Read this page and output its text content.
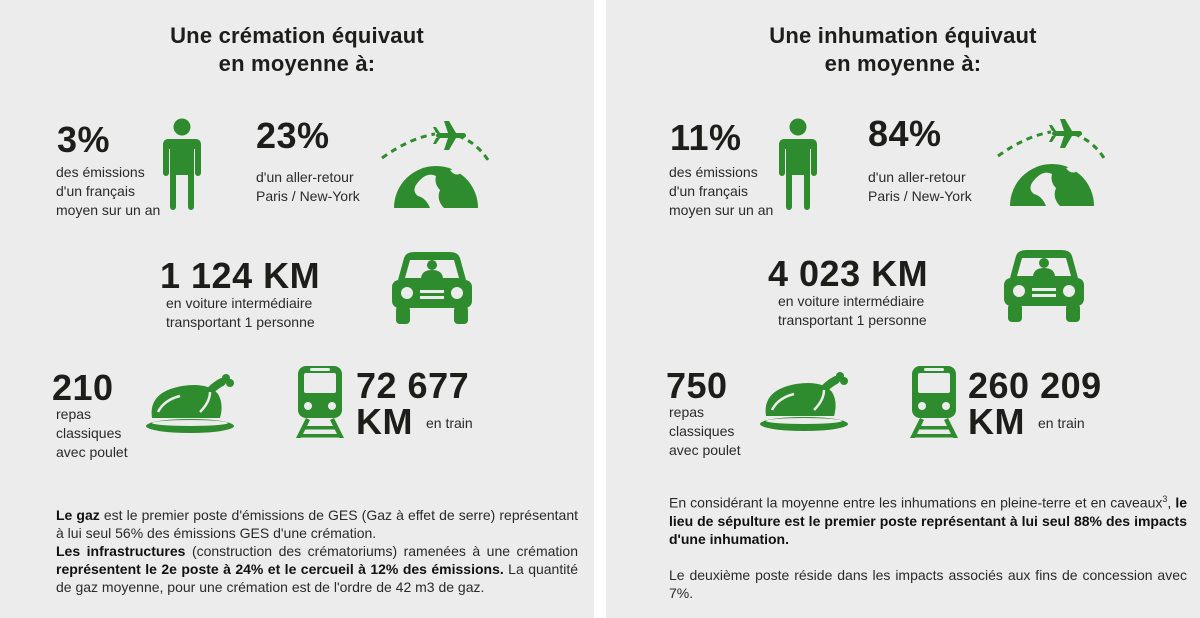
Une crémation équivaut
en moyenne à:
3%
des émissions
d'un français
moyen sur un an
23%
d'un aller-retour
Paris / New-York
1 124 KM
en voiture intermédiaire
transportant 1 personne
210
repas
classiques
avec poulet
72 677
KM en train

Le gaz est le premier poste d'émissions de GES (Gaz à effet de serre) représentant à lui seul 56% des émissions GES d'une crémation.

Les infrastructures (construction des crématoriums) ramenées à une crémation représentent le 2e poste à 24% et le cercueil à 12% des émissions. La quantité de gaz moyenne, pour une crémation est de l'ordre de 42 m3 de gaz.

Une inhumation équivaut
en moyenne à:
11%
des émissions
d'un français
moyen sur un an
84%
d'un aller-retour
Paris / New-York
4 023 KM
en voiture intermédiaire
transportant 1 personne
750
repas
classiques
avec poulet
260 209
KM en train

En considérant la moyenne entre les inhumations en pleine-terre et en caveaux$^3$, le lieu de sépulture est le premier poste représentant à lui seul 88% des impacts d'une inhumation.

Le deuxième poste réside dans les impacts associés aux fins de concession avec 7%.
